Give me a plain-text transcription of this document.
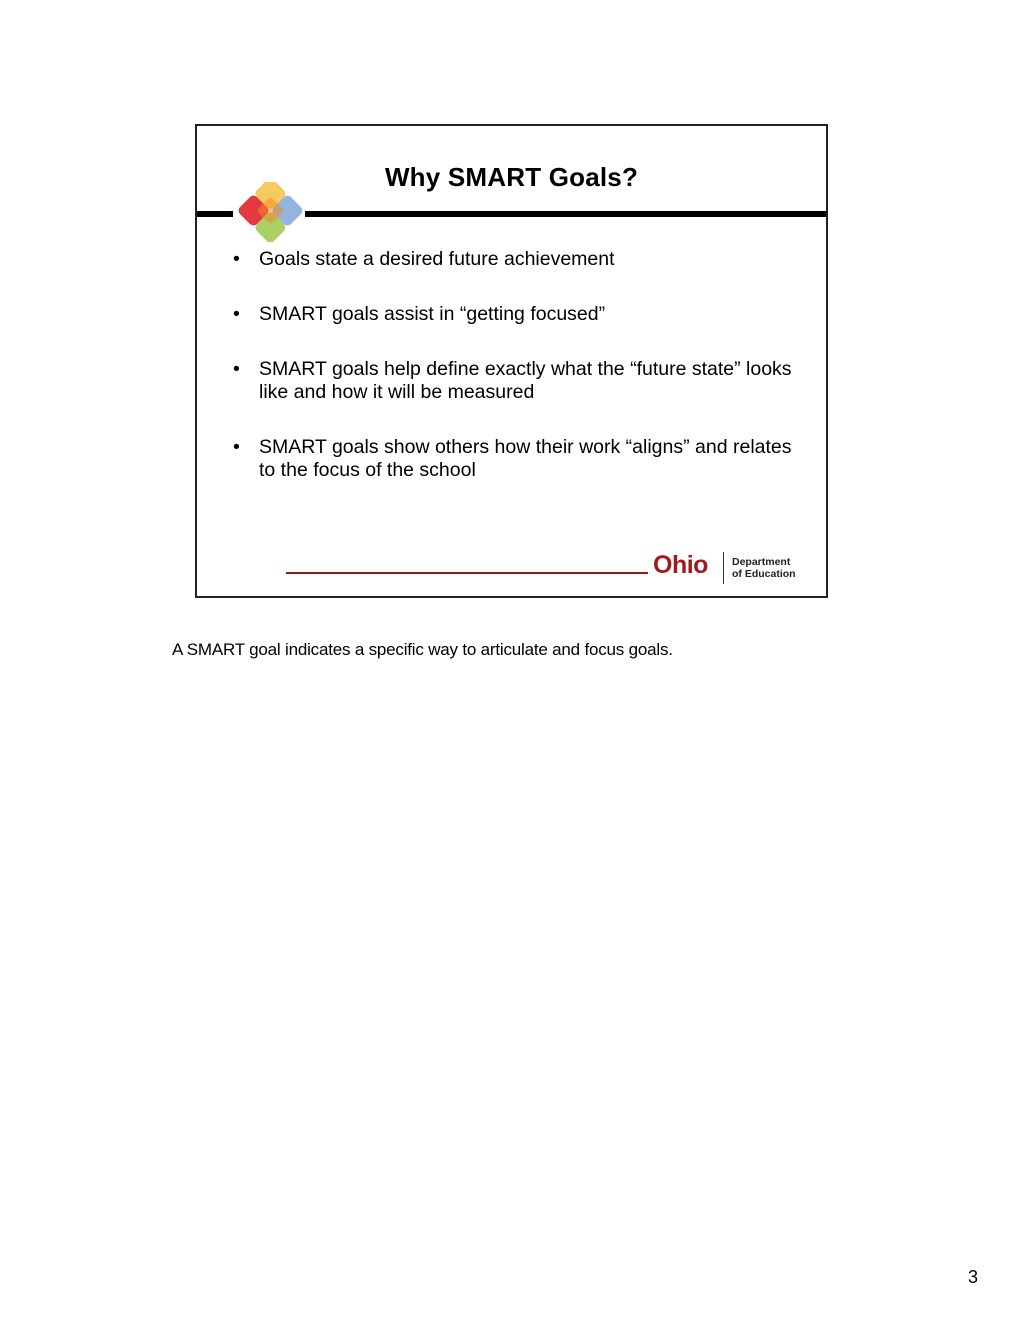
Why SMART Goals?
• Goals state a desired future achievement
• SMART goals assist in “getting focused”
• SMART goals help define exactly what the “future state” looks like and how it will be measured
• SMART goals show others how their work “aligns” and relates to the focus of the school
Ohio Department
of Education
A SMART goal indicates a specific way to articulate and focus goals.
3
